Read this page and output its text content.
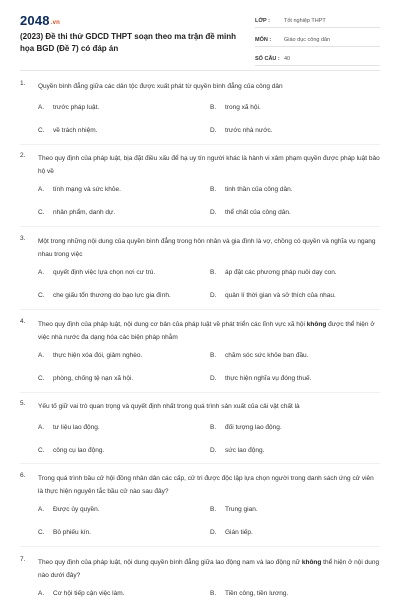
2048.vn
(2023) Đề thi thử GDCD THPT soạn theo ma trận đề minh họa BGD (Đề 7) có đáp án
LỚP :	Tốt nghiệp THPT
MÔN :	Giáo dục công dân
SỐ CÂU : 40
1. Quyền bình đẳng giữa các dân tộc được xuất phát từ quyền bình đẳng của công dân
A. trước pháp luật.	B. trong xã hội.
C. về trách nhiệm.	D. trước nhà nước.
2. Theo quy định của pháp luật, bịa đặt điều xấu để hạ uy tín người khác là hành vi xâm phạm quyền được pháp luật bảo hộ về
A. tính mạng và sức khỏe.	B. tinh thần của công dân.
C. nhân phẩm, danh dự.	D. thể chất của công dân.
3. Một trong những nội dung của quyền bình đẳng trong hôn nhân và gia đình là vợ, chồng có quyền và nghĩa vụ ngang nhau trong việc
A. quyết định việc lựa chọn nơi cư trú.	B. áp đặt các phương pháp nuôi dạy con.
C. che giấu tổn thương do bạo lực gia đình.	D. quản lí thời gian và sở thích của nhau.
4. Theo quy định của pháp luật, nội dung cơ bản của pháp luật về phát triển các lĩnh vực xã hội không được thể hiện ở việc nhà nước đa dạng hóa các biện pháp nhằm
A. thực hiện xóa đói, giảm nghèo.	B. chăm sóc sức khỏe ban đầu.
C. phòng, chống tệ nạn xã hội.	D. thực hiện nghĩa vụ đóng thuế.
5. Yếu tố giữ vai trò quan trọng và quyết định nhất trong quá trình sản xuất của cải vật chất là
A. tư liệu lao động.	B. đối tượng lao động.
C. công cụ lao động.	D. sức lao động.
6. Trong quá trình bầu cử hội đồng nhân dân các cấp, cử tri được độc lập lựa chọn người trong danh sách ứng cử viên là thực hiện nguyên tắc bầu cử nào sau đây?
A. Được ủy quyền.	B. Trung gian.
C. Bỏ phiếu kín.	D. Gián tiếp.
7. Theo quy định của pháp luật, nội dung quyền bình đẳng giữa lao động nam và lao động nữ không thể hiện ở nội dung nào dưới đây?
A. Cơ hội tiếp cận việc làm.	B. Tiền công, tiền lương.
